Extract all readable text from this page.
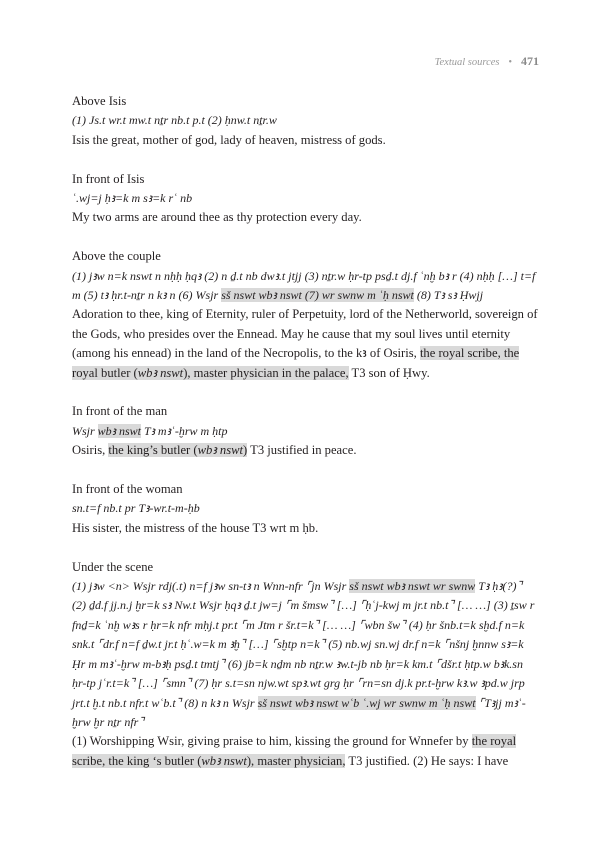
Textual sources • 471
Above Isis
(1) Js.t wr.t mw.t nṯr nb.t p.t (2) ḥnw.t nṯr.w
Isis the great, mother of god, lady of heaven, mistress of gods.
In front of Isis
ʿ.wj=j ḥꜣ=k m sꜣ=k rʿ nb
My two arms are around thee as thy protection every day.
Above the couple
(1) jꜣw n=k nswt n nḥḥ ḥqꜣ (2) n ḏ.t nb dwꜣ.t jtjj (3) nṯr.w ḥr-tp psḏ.t dj.f ʿnḫ bꜣ r (4) nḥḥ […] t=f m (5) tꜣ ḥr.t-nṯr n kꜣ n (6) Wsjr sš nswt wbꜣ nswt (7) wr swnw m ʿḥ nswt (8) Tꜣ sꜣ Ḥwjj
Adoration to thee, king of Eternity, ruler of Perpetuity, lord of the Netherworld, sovereign of the Gods, who presides over the Ennead. May he cause that my soul lives until eternity (among his ennead) in the land of the Necropolis, to the kꜣ of Osiris, the royal scribe, the royal butler (wbꜣ nswt), master physician in the palace, T3 son of Ḥwy.
In front of the man
Wsjr wbꜣ nswt Tꜣ mꜣʿ-ḫrw m ḥtp
Osiris, the king’s butler (wbꜣ nswt) T3 justified in peace.
In front of the woman
sn.t=f nb.t pr Tꜣ-wr.t-m-ḥb
His sister, the mistress of the house T3 wrt m ḥb.
Under the scene
(1) jꜣw <n> Wsjr rdj(.t) n=f jꜣw sn-tꜣ n Wnn-nfr ⌜jn Wsjr sš nswt wbꜣ nswt wr swnw Tꜣ ḥꜣ(?)⌝ (2) ḏd.f jj.n.j ḫr=k sꜣ Nw.t Wsjr ḥqꜣ ḏ.t jw=j ⌜m šmsw⌝ […] ⌜ḥʿj-kwj m jr.t nb.t⌝ [… …] (3) ṯsw r fnḏ=k ʿnḫ wꜣs r ḥr=k nfr mḥj.t pr.t ⌜m Jtm r šr.t=k⌝ [… …] ⌜wbn šw⌝ (4) ḥr šnb.t=k sḫd.f n=k snk.t ⌜dr.f n=f ḏw.t jr.t ḥʿ.w=k m ꜣḫ⌝ […] ⌜sḫtp n=k⌝ (5) nb.wj sn.wj dr.f n=k ⌜nšnj ḫnnw sꜣ=k Ḥr m mꜣʿ-ḫrw m-bꜣḥ psḏ.t tmtj⌝ (6) jb=k nḏm nb nṯr.w ꜣw.t-jb nb ḥr=k km.t ⌜dšr.t ḥtp.w bꜣk.sn ḥr-tp jʿr.t=k⌝ […] ⌜smn⌝ (7) ḥr s.t=sn njw.wt spꜣ.wt grg ḥr ⌜rn=sn dj.k pr.t-ḫrw kꜣ.w ꜣpd.w jrp jrt.t ḫ.t nb.t nfr.t wʿb.t⌝ (8) n kꜣ n Wsjr sš nswt wbꜣ nswt wʿb ʿ.wj wr swnw m ʿḥ nswt ⌜Tꜣjj mꜣʿ-ḫrw ḫr nṯr nfr⌝
(1) Worshipping Wsir, giving praise to him, kissing the ground for Wnnefer by the royal scribe, the king ‘s butler (wbꜣ nswt), master physician, T3 justified. (2) He says: I have
